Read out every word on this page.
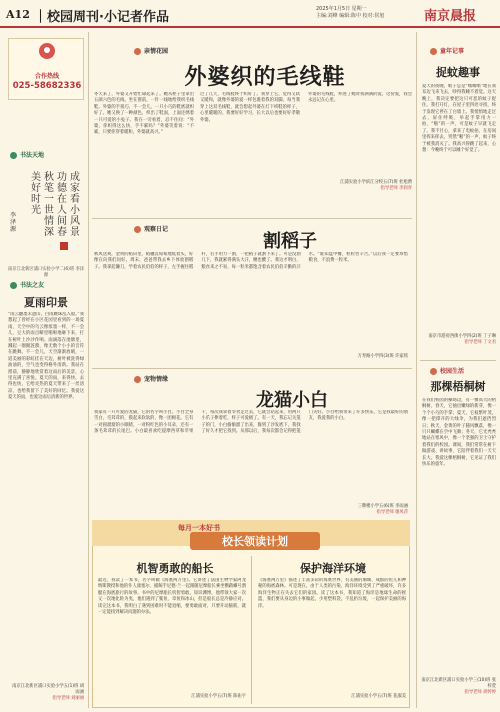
A12 ｜校园周刊·小记者作品
2025年1月5日 星期一
主编:刘峰 编辑:陈中 校对:侯旭	南京晨报
合作热线
025-58682336
书法天地
成
家
看
小
风
景
功
德
在
人
间
春
秋
笔
一
世
情
深
美
好
时
光
李泽源
南京江北新区浦口实验小学二(6)班 李泽源
书法之友
夏雨印景
“雨云翻墨未遮山，白雨跳珠乱入船。”我想起了曾经在小区花园里看到的一场夏雨，天空中的乌云像浓墨一样，不一会儿，豆大的雨点噼里啪啦地砸下来，打在树叶上沙沙作响。雨滴落在池塘里，溅起一圈圈涟漪，像无数个小小的音符在跳舞。不一会儿，天空渐渐放晴，一道美丽的彩虹挂在天边，树叶被洗得绿油油的，空气也变得格外清新。我站在窗前，静静地欣赏着这雨后的美景，心里充满了喜悦。夏天的雨，来得快，去得也快，它给炎热的夏天带来了一丝清凉，也给我留下了美好的回忆。我爱这夏天的雨，也爱这雨后清新的世界。
南京江北新区浦口实验小学五(1)班 胡雨涵
指导老师 刘丽丽
亲情花园
外婆织的毛线鞋
冬天来了，外婆又开始忙碌起来了。她从柜子里拿出五颜六色的毛线，坐在窗前，一针一线地给我织毛线鞋。外婆的手很巧，不一会儿，一只小巧的鞋底就织好了。她又换了一种颜色，织出了鞋面，上面还绣着一只可爱的小兔子。我在一旁看着，忍不住问：“外婆，你织得这么快，手不累吗？”外婆笑着说：“不累，只要你穿着暖和，外婆就高兴。”
过了几天，毛线鞋终于织好了。我穿上它，觉得又软又暖和，就像外婆的爱一样包裹着我的双脚。每当我穿上这双毛线鞋，就会想起外婆在灯下织鞋的样子，心里暖暖的。我要好好学习，长大以后也要好好孝敬外婆。
外婆的毛线鞋，织进了她对我满满的爱。这份爱，我会永远记在心里。
江浦实验小学滨江分校五(7)班 杜旭骋
指导老师 李润青
观察日记
割稻子
秋风送爽，金黄的稻田里，稻穗沉甸甸地低着头，好像在向我们问好。周末，爸爸带我去乡下体验割稻子。我拿起镰刀，学着农民伯伯的样子，左手握住稻秆，右手用力一割，一把稻子就割下来了。可是没割几下，我就累得满头大汗，腰也酸了。我这才明白，粮食来之不易，每一粒米都饱含着农民伯伯辛勤的汗水。“谁知盘中餐，粒粒皆辛苦。”以后我一定要珍惜粮食，不浪费一粒米。
万寿路小学四(3)班 许家铭
宠物情缘
龙猫小白
我家有一只可爱的龙猫，它的名字叫小白。小白全身雪白，毛茸茸的，摸起来软软的，像一团棉花。它有一对圆溜溜的小眼睛，一对粉红色的小耳朵，还有一条毛茸茸的长尾巴。小白最喜欢吃提摩西草和苹果干，每次我拿着零食走过去，它就会站起来，用两只小爪子捧着吃，样子可爱极了。有一天，我忘记关笼子的门，小白偷偷溜了出来，躲到了沙发底下，我找了好久才把它找到。从那以后，我每次都会记得把笼门关好。小白给我带来了许多快乐，它是我最好的朋友，我爱我的小白。
三牌楼小学五(6)班 李雨涵
指导老师 谢凤萍
每月一本好书
校长领读计划
机智勇敢的船长
最近，我读了一本书，名字叫做《海底两万里》。它讲述了法国生物学家阿龙纳斯教授和他的仆人康塞尔、捕鲸手尼德·兰一起跟随尼摩船长乘坐鹦鹉螺号潜艇在海底旅行的故事。书中的尼摩船长机智勇敢，知识渊博，他带领大家一次又一次地化险为夷，他们遇到了鲨鱼、章鱼和冰山，但是船长总是冷静应对。读完这本书，我明白了遇到困难时不能退缩，要勇敢面对，只要开动脑筋，就一定能找到解决问题的办法。
江浦实验小学五(7)班 陈佑宇
保护海洋环境
《海底两万里》描述了丰富多彩的海底世界，有美丽的珊瑚、成群的鱼儿和神秘的海底森林。可是现在，由于人类的污染，海洋环境受到了严重破坏，许多海洋生物正在失去它们的家园。读了这本书，我知道了海洋是地球生命的摇篮，我们要从身边的小事做起，少用塑料袋，不乱扔垃圾，一起保护美丽的海洋。
江浦实验小学五(7)班 花淑美
童年记事
捉蚊趣事
夏天的夜晚，蚊子总是“嗡嗡嗡”地在我耳边飞来飞去，吵得我睡不着觉。这天晚上，我决定要把这只可恶的蚊子捉住。我打开灯，在屋子里四处寻找，终于发现它停在了白墙上。我悄悄地走过去，屏住呼吸，举起手掌用力一拍，“啪”的一声，可是蚊子早就飞走了。我不甘心，拿来了电蚊拍，在房间里挥来挥去，突然“啪”的一声，蚊子终于被我消灭了。我高兴得跳了起来，心想：今晚终于可以睡个好觉了。
南京市游府西街小学四(2)班 丁子琳
指导老师 丁文君
校园生活
那棵梧桐树
在我们校园的操场边，有一棵高大的梧桐树。春天，它抽出嫩绿的新芽，像一个个小巧的手掌；夏天，它枝繁叶茂，像一把撑开的大绿伞，为我们遮挡烈日；秋天，金黄的叶子随风飘落，像一只只蝴蝶在空中飞舞；冬天，它光秃秃地站在寒风中，像一个坚强的卫士守护着我们的校园。课间，我们常常在树下做游戏、讲故事，它陪伴着我们一天天长大。我爱这棵梧桐树，它见证了我们快乐的童年。
南京江北新区浦口实验小学三(10)班 张梓萱
指导老师 胡婷婷
